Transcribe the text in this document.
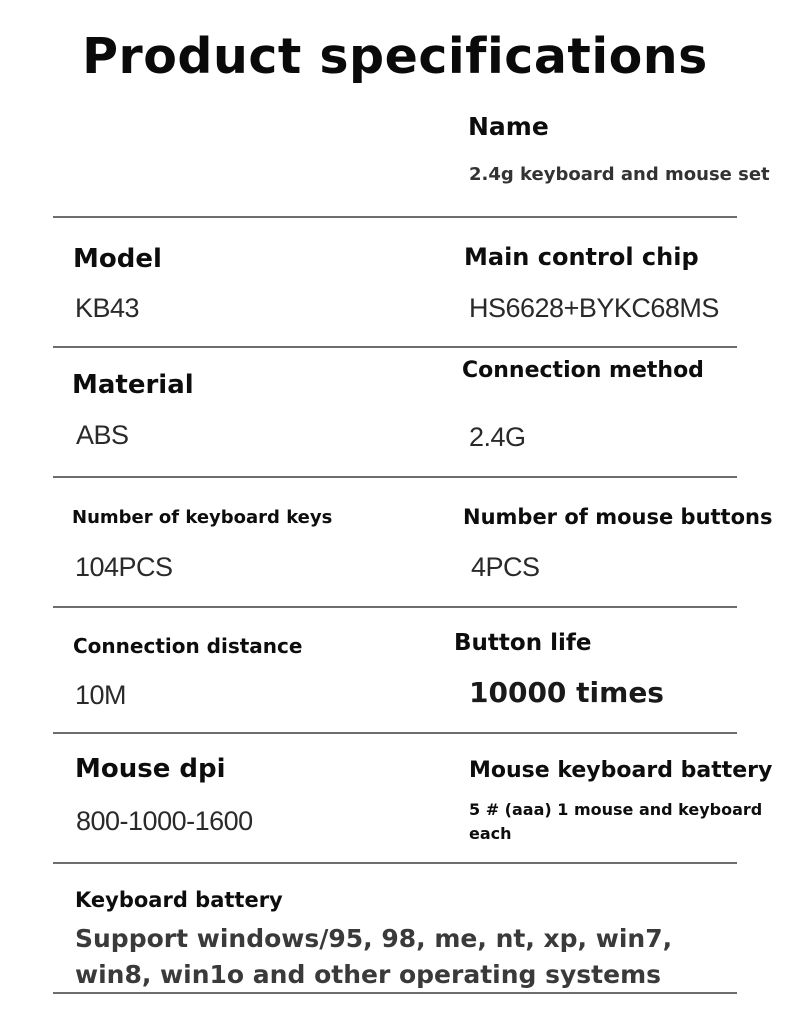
Product specifications
Name
2.4g keyboard and mouse set
Model
KB43
Main control chip
HS6628+BYKC68MS
Material
ABS
Connection method
2.4G
Number of keyboard keys
104PCS
Number of mouse buttons
4PCS
Connection distance
10M
Button life
10000 times
Mouse dpi
800-1000-1600
Mouse keyboard battery
5 # (aaa) 1 mouse and keyboard each
Keyboard battery
Support windows/95, 98, me, nt, xp, win7, win8, win1o and other operating systems
